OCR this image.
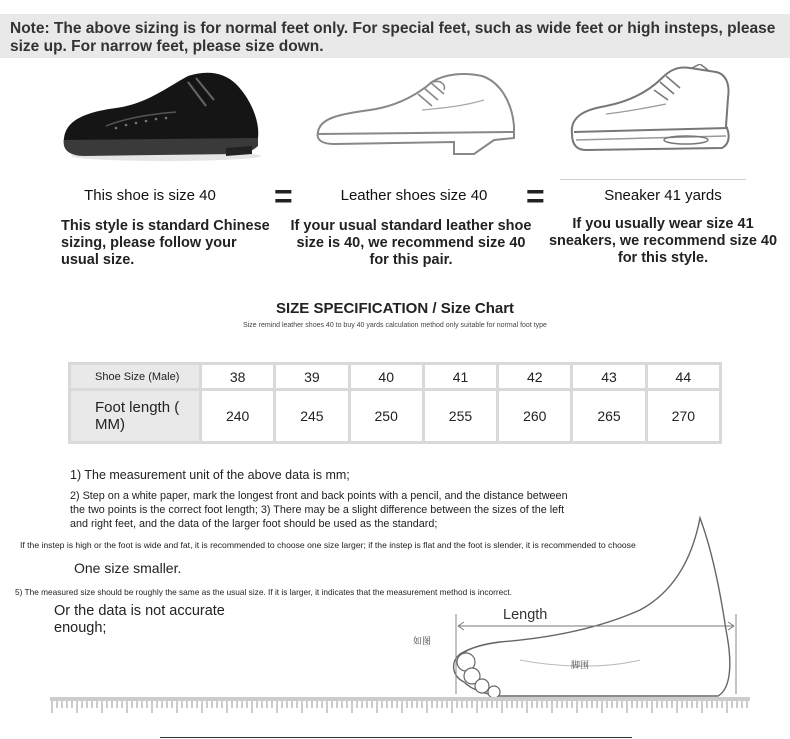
Note: The above sizing is for normal feet only. For special feet, such as wide feet or high insteps, please size up. For narrow feet, please size down.
This shoe is size 40	=	Leather shoes size 40	=	Sneaker 41 yards
This style is standard Chinese sizing, please follow your usual size.
If your usual standard leather shoe size is 40, we recommend size 40 for this pair.
If you usually wear size 41 sneakers, we recommend size 40 for this style.
SIZE SPECIFICATION / Size Chart
Size remind leather shoes 40 to buy 40 yards calculation method only suitable for normal foot type
Shoe Size (Male)	38	39	40	41	42	43	44
Foot length ( MM)	240	245	250	255	260	265	270
1) The measurement unit of the above data is mm;
2) Step on a white paper, mark the longest front and back points with a pencil, and the distance between
the two points is the correct foot length; 3) There may be a slight difference between the sizes of the left
and right feet, and the data of the larger foot should be used as the standard;
If the instep is high or the foot is wide and fat, it is recommended to choose one size larger; if the instep is flat and the foot is slender, it is recommended to choose
One size smaller.
5) The measured size should be roughly the same as the usual size. If it is larger, it indicates that the measurement method is incorrect.
Or the data is not accurate enough;
Length
如图
脚围
